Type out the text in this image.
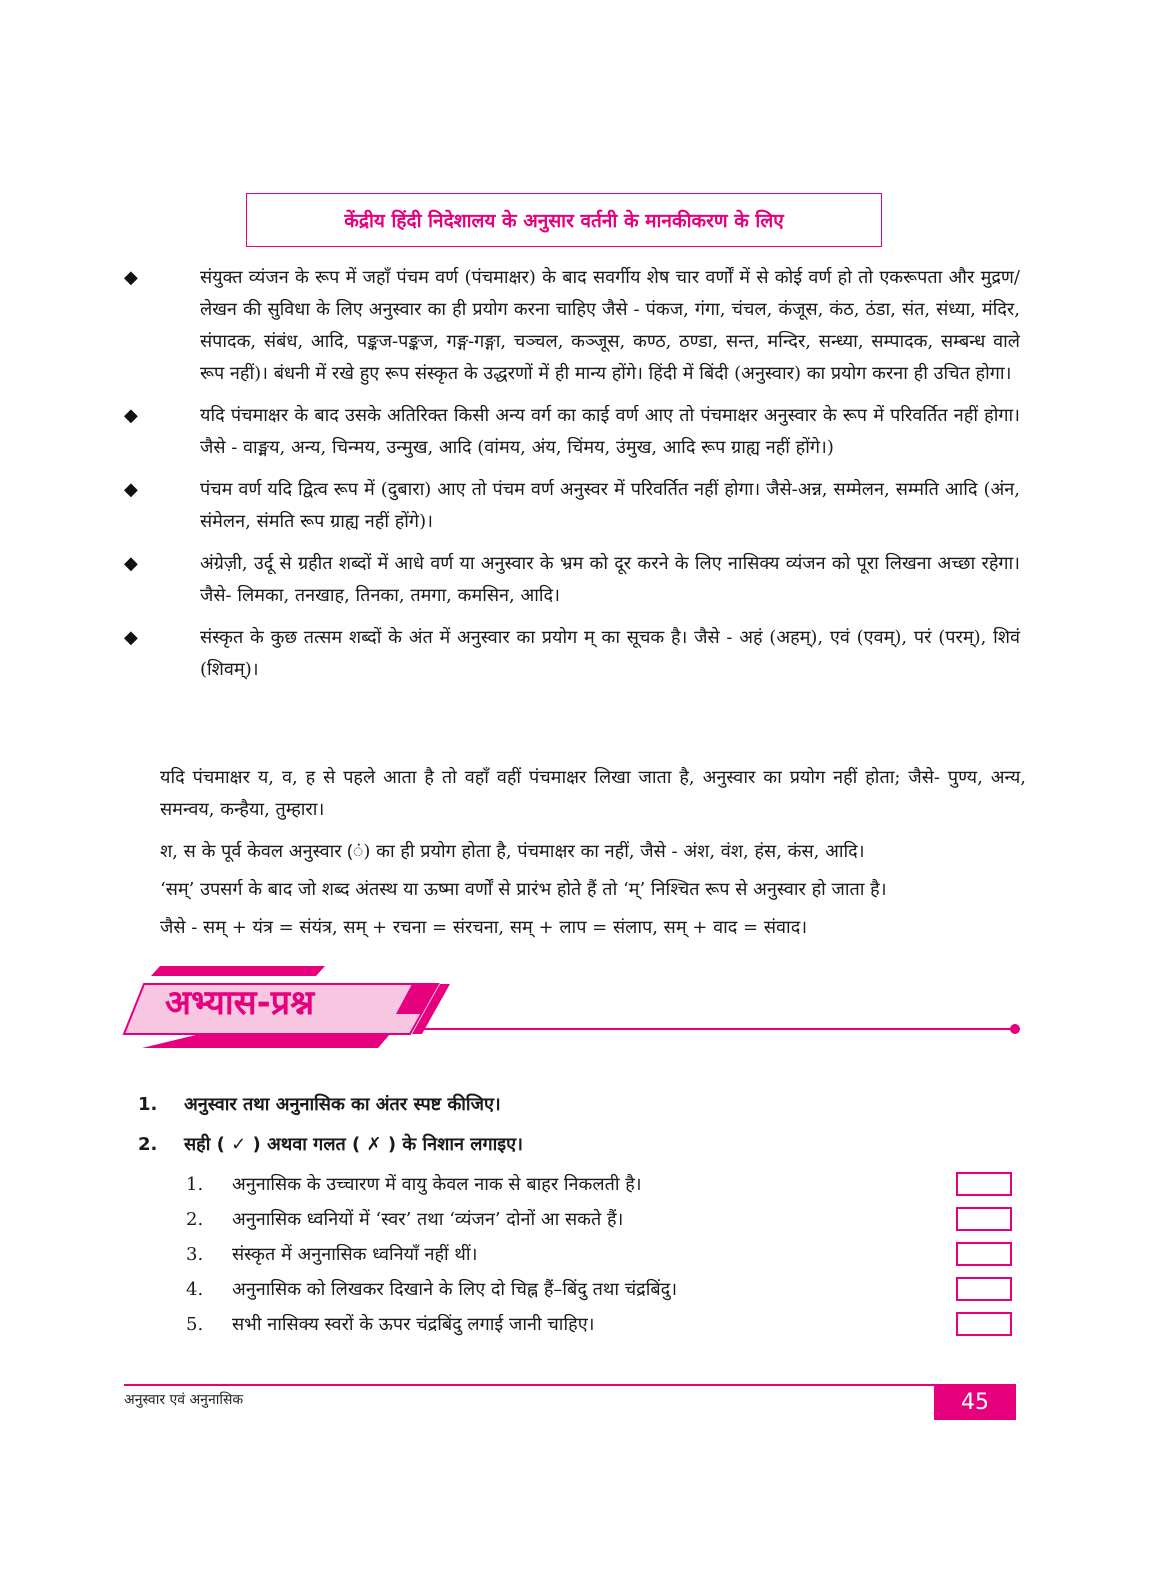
केंद्रीय हिंदी निदेशालय के अनुसार वर्तनी के मानकीकरण के लिए
◆	संयुक्त व्यंजन के रूप में जहाँ पंचम वर्ण (पंचमाक्षर) के बाद सवर्गीय शेष चार वर्णों में से कोई वर्ण हो तो एकरूपता और मुद्रण/लेखन की सुविधा के लिए अनुस्वार का ही प्रयोग करना चाहिए जैसे - पंकज, गंगा, चंचल, कंजूस, कंठ, ठंडा, संत, संध्या, मंदिर, संपादक, संबंध, आदि, पङ्कज-पङ्कज, गङ्ग-गङ्गा, चञ्चल, कञ्जूस, कण्ठ, ठण्डा, सन्त, मन्दिर, सन्ध्या, सम्पादक, सम्बन्ध वाले रूप नहीं)। बंधनी में रखे हुए रूप संस्कृत के उद्धरणों में ही मान्य होंगे। हिंदी में बिंदी (अनुस्वार) का प्रयोग करना ही उचित होगा।
◆	यदि पंचमाक्षर के बाद उसके अतिरिक्त किसी अन्य वर्ग का काई वर्ण आए तो पंचमाक्षर अनुस्वार के रूप में परिवर्तित नहीं होगा। जैसे - वाङ्मय, अन्य, चिन्मय, उन्मुख, आदि (वांमय, अंय, चिंमय, उंमुख, आदि रूप ग्राह्य नहीं होंगे।)
◆	पंचम वर्ण यदि द्वित्व रूप में (दुबारा) आए तो पंचम वर्ण अनुस्वर में परिवर्तित नहीं होगा। जैसे-अन्न, सम्मेलन, सम्मति आदि (अंन, संमेलन, संमति रूप ग्राह्य नहीं होंगे)।
◆	अंग्रेज़ी, उर्दू से ग्रहीत शब्दों में आधे वर्ण या अनुस्वार के भ्रम को दूर करने के लिए नासिक्य व्यंजन को पूरा लिखना अच्छा रहेगा। जैसे- लिमका, तनखाह, तिनका, तमगा, कमसिन, आदि।
◆	संस्कृत के कुछ तत्सम शब्दों के अंत में अनुस्वार का प्रयोग म् का सूचक है। जैसे - अहं (अहम्), एवं (एवम्), परं (परम्), शिवं (शिवम्)।

यदि पंचमाक्षर य, व, ह से पहले आता है तो वहाँ वहीं पंचमाक्षर लिखा जाता है, अनुस्वार का प्रयोग नहीं होता; जैसे- पुण्य, अन्य, समन्वय, कन्हैया, तुम्हारा।

श, स के पूर्व केवल अनुस्वार (ं) का ही प्रयोग होता है, पंचमाक्षर का नहीं, जैसे - अंश, वंश, हंस, कंस, आदि।

‘सम्’ उपसर्ग के बाद जो शब्द अंतस्थ या ऊष्मा वर्णों से प्रारंभ होते हैं तो ‘म्’ निश्चित रूप से अनुस्वार हो जाता है।

जैसे - सम् + यंत्र = संयंत्र, सम् + रचना = संरचना, सम् + लाप = संलाप, सम् + वाद = संवाद।

अभ्यास-प्रश्न
1.	अनुस्वार तथा अनुनासिक का अंतर स्पष्ट कीजिए।
2.	सही ( ✓ ) अथवा गलत ( ✗ ) के निशान लगाइए।
1.	अनुनासिक के उच्चारण में वायु केवल नाक से बाहर निकलती है।
2.	अनुनासिक ध्वनियों में ‘स्वर’ तथा ‘व्यंजन’ दोनों आ सकते हैं।
3.	संस्कृत में अनुनासिक ध्वनियाँ नहीं थीं।
4.	अनुनासिक को लिखकर दिखाने के लिए दो चिह्न हैं–बिंदु तथा चंद्रबिंदु।
5.	सभी नासिक्य स्वरों के ऊपर चंद्रबिंदु लगाई जानी चाहिए।
अनुस्वार एवं अनुनासिक	45
